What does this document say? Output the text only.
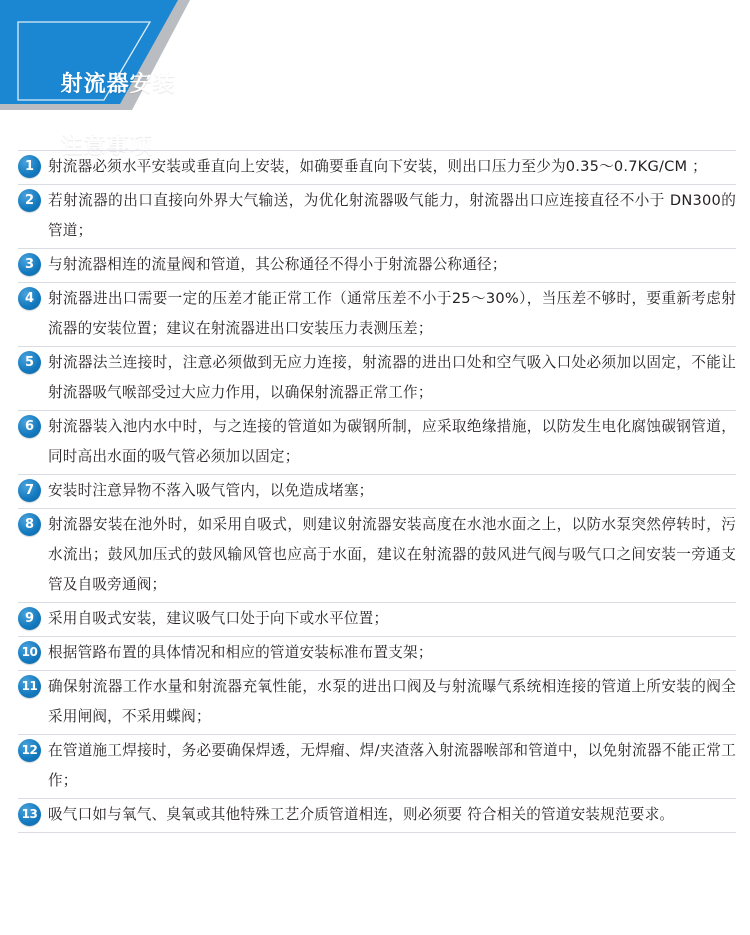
射流器安装

注意事项

1 射流器必须水平安装或垂直向上安装，如确要垂直向下安装，则出口压力至少为0.35～0.7KG/CM ；
2 若射流器的出口直接向外界大气输送，为优化射流器吸气能力，射流器出口应连接直径不小于 DN300的管道；
3 与射流器相连的流量阀和管道，其公称通径不得小于射流器公称通径；
4 射流器进出口需要一定的压差才能正常工作（通常压差不小于25～30%），当压差不够时，要重新考虑射流器的安装位置；建议在射流器进出口安装压力表测压差；
5 射流器法兰连接时，注意必须做到无应力连接，射流器的进出口处和空气吸入口处必须加以固定，不能让射流器吸气喉部受过大应力作用，以确保射流器正常工作；
6 射流器装入池内水中时，与之连接的管道如为碳钢所制，应采取绝缘措施，以防发生电化腐蚀碳钢管道，同时高出水面的吸气管必须加以固定；
7 安装时注意异物不落入吸气管内，以免造成堵塞；
8 射流器安装在池外时，如采用自吸式，则建议射流器安装高度在水池水面之上，以防水泵突然停转时，污水流出；鼓风加压式的鼓风输风管也应高于水面，建议在射流器的鼓风进气阀与吸气口之间安装一旁通支管及自吸旁通阀；
9 采用自吸式安装，建议吸气口处于向下或水平位置；
10 根据管路布置的具体情况和相应的管道安装标准布置支架；
11 确保射流器工作水量和射流器充氧性能，水泵的进出口阀及与射流曝气系统相连接的管道上所安装的阀全采用闸阀，不采用蝶阀；
12 在管道施工焊接时，务必要确保焊透，无焊瘤、焊/夹渣落入射流器喉部和管道中，以免射流器不能正常工作；
13 吸气口如与氧气、臭氧或其他特殊工艺介质管道相连，则必须要 符合相关的管道安装规范要求。
